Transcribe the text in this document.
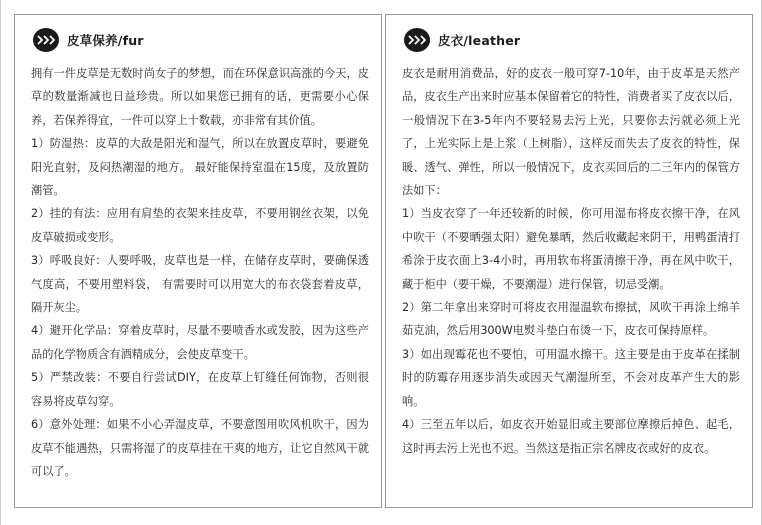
皮草保养/fur

拥有一件皮草是无数时尚女子的梦想，而在环保意识高涨的今天，皮草的数量渐减也日益珍贵。所以如果您已拥有的话，更需要小心保养，若保养得宜，一件可以穿上十数载，亦非常有其价值。

1）防湿热：皮草的大敌是阳光和湿气，所以在放置皮草时，要避免阳光直射，及闷热潮湿的地方。 最好能保持室温在15度，及放置防潮管。

2）挂的有法：应用有肩垫的衣架来挂皮草，不要用钢丝衣架，以免皮草破损或变形。

3）呼吸良好：人要呼吸，皮草也是一样，在储存皮草时，要确保透气度高，不要用塑料袋， 有需要时可以用宽大的布衣袋套着皮草，隔开灰尘。

4）避开化学品：穿着皮草时，尽量不要喷香水或发胶，因为这些产品的化学物质含有酒精成分，会使皮草变干。

5）严禁改装：不要自行尝试DIY，在皮草上钉缝任何饰物，否则很容易将皮草勾穿。

6）意外处理：如果不小心弄湿皮草，不要意图用吹风机吹干，因为皮草不能遇热，只需将湿了的皮草挂在干爽的地方，让它自然风干就可以了。

皮衣/leather

皮衣是耐用消费品，好的皮衣一般可穿7-10年，由于皮革是天然产品，皮衣生产出来时应基本保留着它的特性，消费者买了皮衣以后， 一般情况下在3-5年内不要轻易去污上光，只要你去污就必须上光了，上光实际上是上浆（上树脂），这样反而失去了皮衣的特性，保暖、透气、弹性，所以一般情况下，皮衣买回后的二三年内的保管方法如下：

1）当皮衣穿了一年还较新的时候，你可用湿布将皮衣擦干净，在风中吹干（不要晒强太阳）避免暴晒，然后收藏起来阴干，用鸭蛋清打希涂于皮衣面上3-4小时，再用软布将蛋清擦干净，再在风中吹干，藏于柜中（要干燥，不要潮湿）进行保管，切忌受潮。

2）第二年拿出来穿时可将皮衣用湿温软布擦拭，风吹干再涂上绵羊茹克油，然后用300W电熨斗垫白布烫一下，皮衣可保持原样。

3）如出现霉花也不要怕，可用温水擦干。这主要是由于皮革在揉制时的防霉存用逐步消失或因天气潮湿所至，不会对皮革产生大的影响。

4）三至五年以后，如皮衣开始显旧或主要部位摩擦后掉色、起毛，这时再去污上光也不迟。当然这是指正宗名牌皮衣或好的皮衣。
